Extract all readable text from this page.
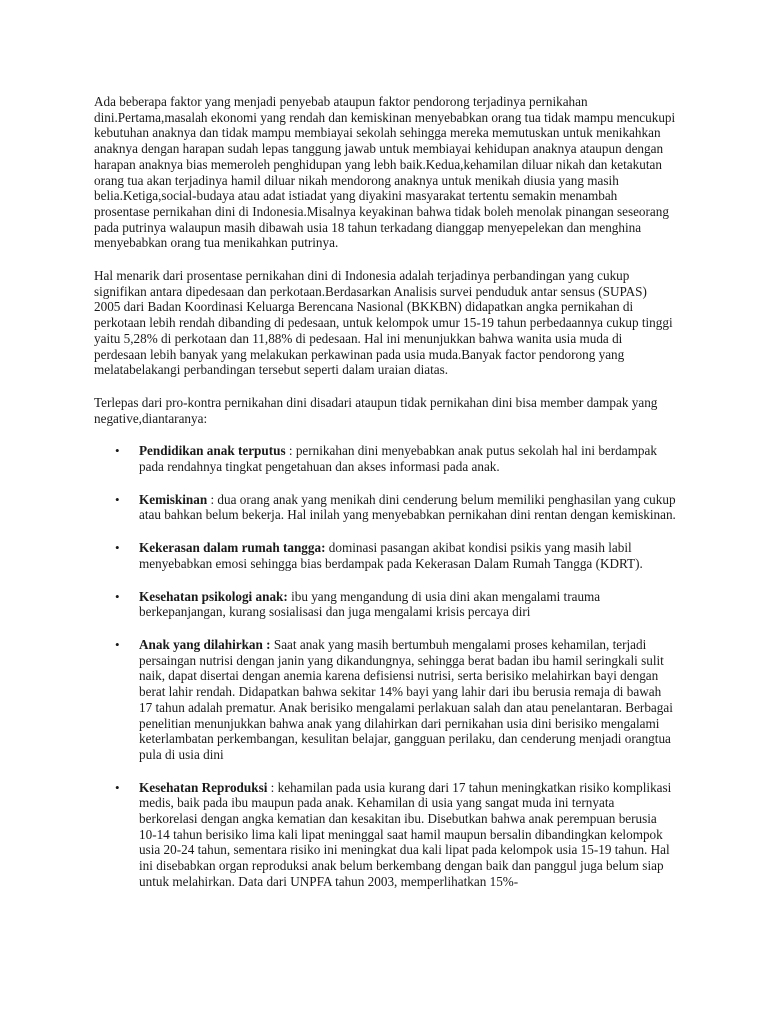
Ada beberapa faktor yang menjadi penyebab ataupun faktor pendorong terjadinya pernikahan dini.Pertama,masalah ekonomi yang rendah dan kemiskinan menyebabkan orang tua tidak mampu mencukupi kebutuhan anaknya dan tidak mampu membiayai sekolah sehingga mereka memutuskan untuk menikahkan anaknya dengan harapan sudah lepas tanggung jawab untuk membiayai kehidupan anaknya ataupun dengan harapan anaknya bias memeroleh penghidupan yang lebh baik.Kedua,kehamilan diluar nikah dan ketakutan orang tua akan terjadinya hamil diluar nikah mendorong anaknya untuk menikah diusia yang masih belia.Ketiga,social-budaya atau adat istiadat yang diyakini masyarakat tertentu semakin menambah prosentase pernikahan dini di Indonesia.Misalnya keyakinan bahwa tidak boleh menolak pinangan seseorang pada putrinya walaupun masih dibawah usia 18 tahun terkadang dianggap menyepelekan dan menghina menyebabkan orang tua menikahkan putrinya.

Hal menarik dari prosentase pernikahan dini di Indonesia adalah terjadinya perbandingan yang cukup signifikan antara dipedesaan dan perkotaan.Berdasarkan Analisis survei penduduk antar sensus (SUPAS) 2005 dari Badan Koordinasi Keluarga Berencana Nasional (BKKBN) didapatkan angka pernikahan di perkotaan lebih rendah dibanding di pedesaan, untuk kelompok umur 15-19 tahun perbedaannya cukup tinggi yaitu 5,28% di perkotaan dan 11,88% di pedesaan. Hal ini menunjukkan bahwa wanita usia muda di perdesaan lebih banyak yang melakukan perkawinan pada usia muda.Banyak factor pendorong yang melatabelakangi perbandingan tersebut seperti dalam uraian diatas.

Terlepas dari pro-kontra pernikahan dini disadari ataupun tidak pernikahan dini bisa member dampak yang negative,diantaranya:

• Pendidikan anak terputus : pernikahan dini menyebabkan anak putus sekolah hal ini berdampak pada rendahnya tingkat pengetahuan dan akses informasi pada anak.
• Kemiskinan : dua orang anak yang menikah dini cenderung belum memiliki penghasilan yang cukup atau bahkan belum bekerja. Hal inilah yang menyebabkan pernikahan dini rentan dengan kemiskinan.
• Kekerasan dalam rumah tangga: dominasi pasangan akibat kondisi psikis yang masih labil menyebabkan emosi sehingga bias berdampak pada Kekerasan Dalam Rumah Tangga (KDRT).
• Kesehatan psikologi anak: ibu yang mengandung di usia dini akan mengalami trauma berkepanjangan, kurang sosialisasi dan juga mengalami krisis percaya diri
• Anak yang dilahirkan : Saat anak yang masih bertumbuh mengalami proses kehamilan, terjadi persaingan nutrisi dengan janin yang dikandungnya, sehingga berat badan ibu hamil seringkali sulit naik, dapat disertai dengan anemia karena defisiensi nutrisi, serta berisiko melahirkan bayi dengan berat lahir rendah. Didapatkan bahwa sekitar 14% bayi yang lahir dari ibu berusia remaja di bawah 17 tahun adalah prematur. Anak berisiko mengalami perlakuan salah dan atau penelantaran. Berbagai penelitian menunjukkan bahwa anak yang dilahirkan dari pernikahan usia dini berisiko mengalami keterlambatan perkembangan, kesulitan belajar, gangguan perilaku, dan cenderung menjadi orangtua pula di usia dini
• Kesehatan Reproduksi : kehamilan pada usia kurang dari 17 tahun meningkatkan risiko komplikasi medis, baik pada ibu maupun pada anak. Kehamilan di usia yang sangat muda ini ternyata berkorelasi dengan angka kematian dan kesakitan ibu. Disebutkan bahwa anak perempuan berusia 10-14 tahun berisiko lima kali lipat meninggal saat hamil maupun bersalin dibandingkan kelompok usia 20-24 tahun, sementara risiko ini meningkat dua kali lipat pada kelompok usia 15-19 tahun. Hal ini disebabkan organ reproduksi anak belum berkembang dengan baik dan panggul juga belum siap untuk melahirkan. Data dari UNPFA tahun 2003, memperlihatkan 15%-
